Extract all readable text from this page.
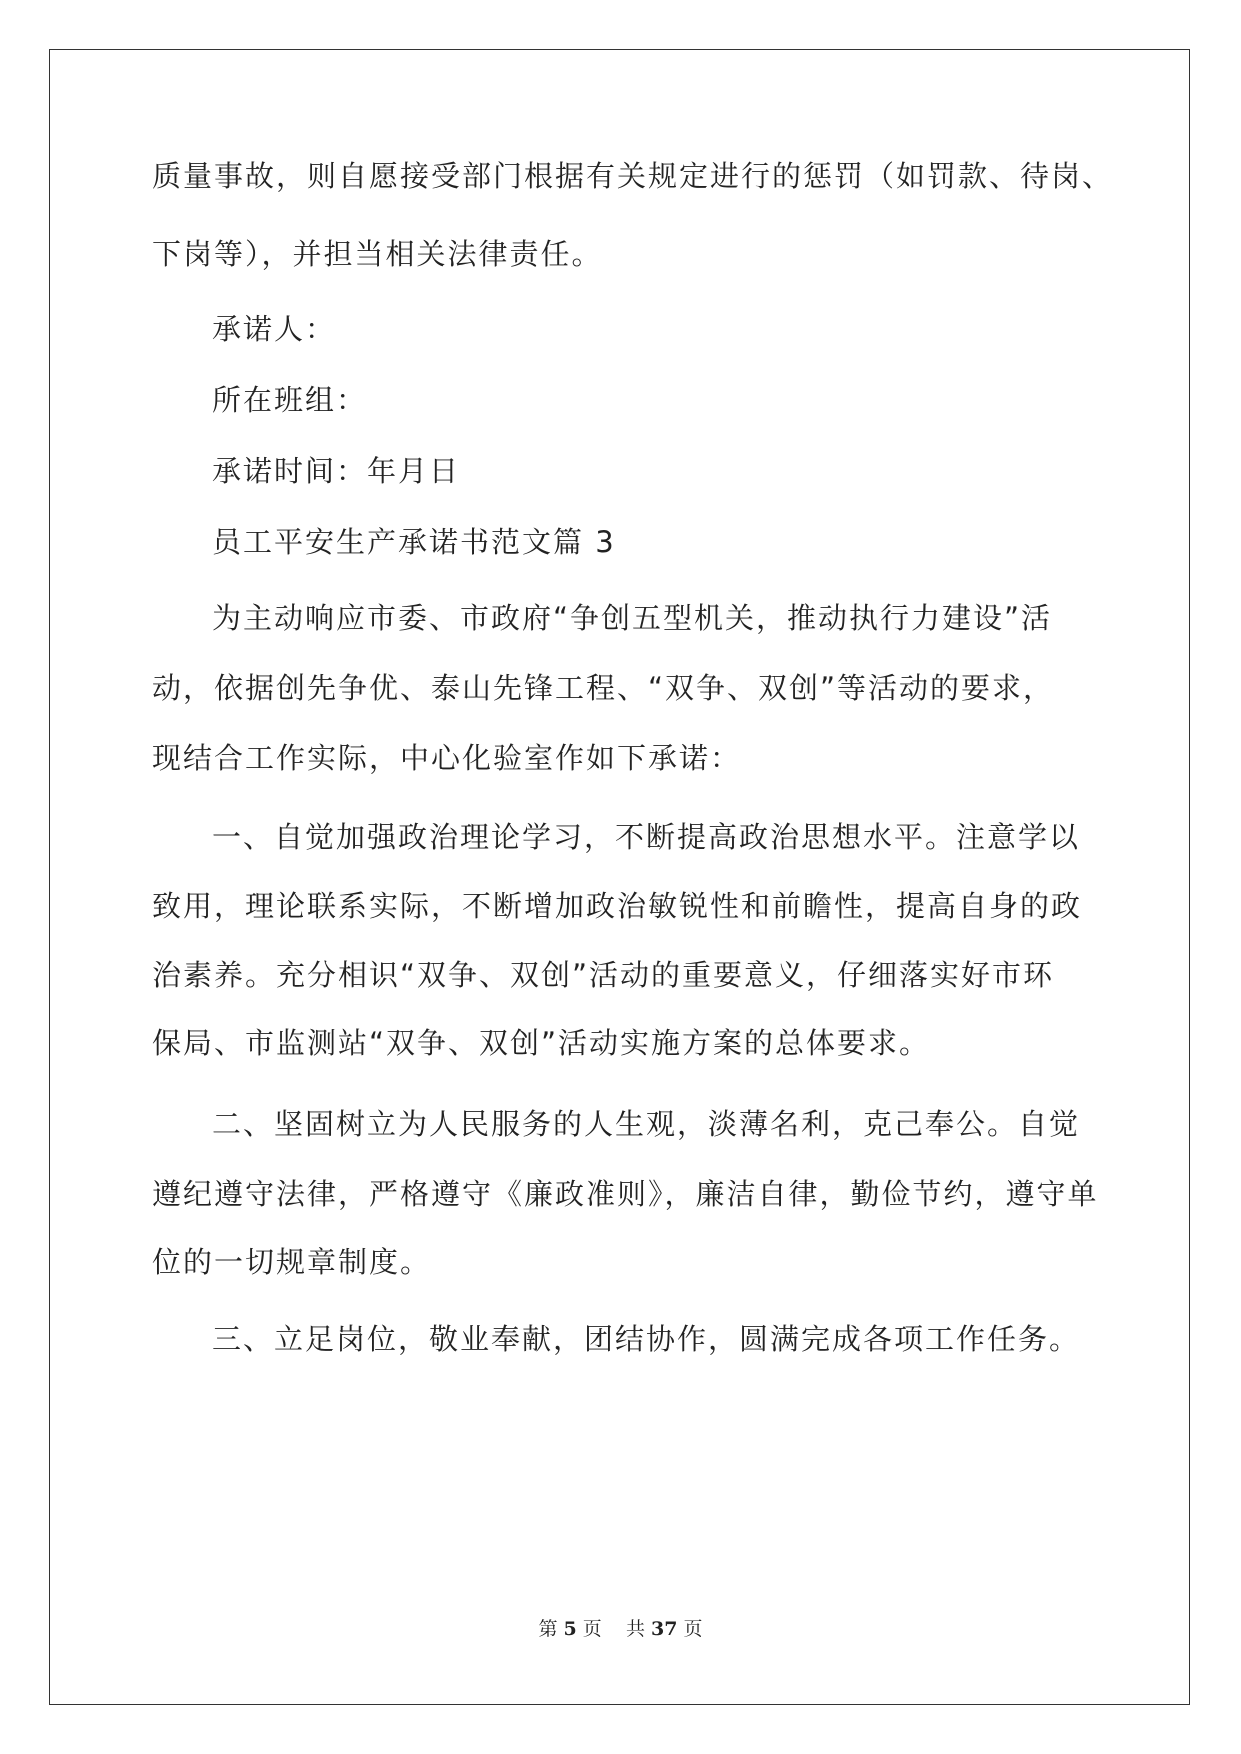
质量事故，则自愿接受部门根据有关规定进行的惩罚（如罚款、待岗、
下岗等），并担当相关法律责任。
承诺人：
所在班组：
承诺时间：年月日
员工平安生产承诺书范文篇 3
为主动响应市委、市政府“争创五型机关，推动执行力建设”活
动，依据创先争优、泰山先锋工程、“双争、双创”等活动的要求，
现结合工作实际，中心化验室作如下承诺：
一、自觉加强政治理论学习，不断提高政治思想水平。注意学以
致用，理论联系实际，不断增加政治敏锐性和前瞻性，提高自身的政
治素养。充分相识“双争、双创”活动的重要意义，仔细落实好市环
保局、市监测站“双争、双创”活动实施方案的总体要求。
二、坚固树立为人民服务的人生观，淡薄名利，克己奉公。自觉
遵纪遵守法律，严格遵守《廉政准则》，廉洁自律，勤俭节约，遵守单
位的一切规章制度。
三、立足岗位，敬业奉献，团结协作，圆满完成各项工作任务。
第 5 页 共 37 页
